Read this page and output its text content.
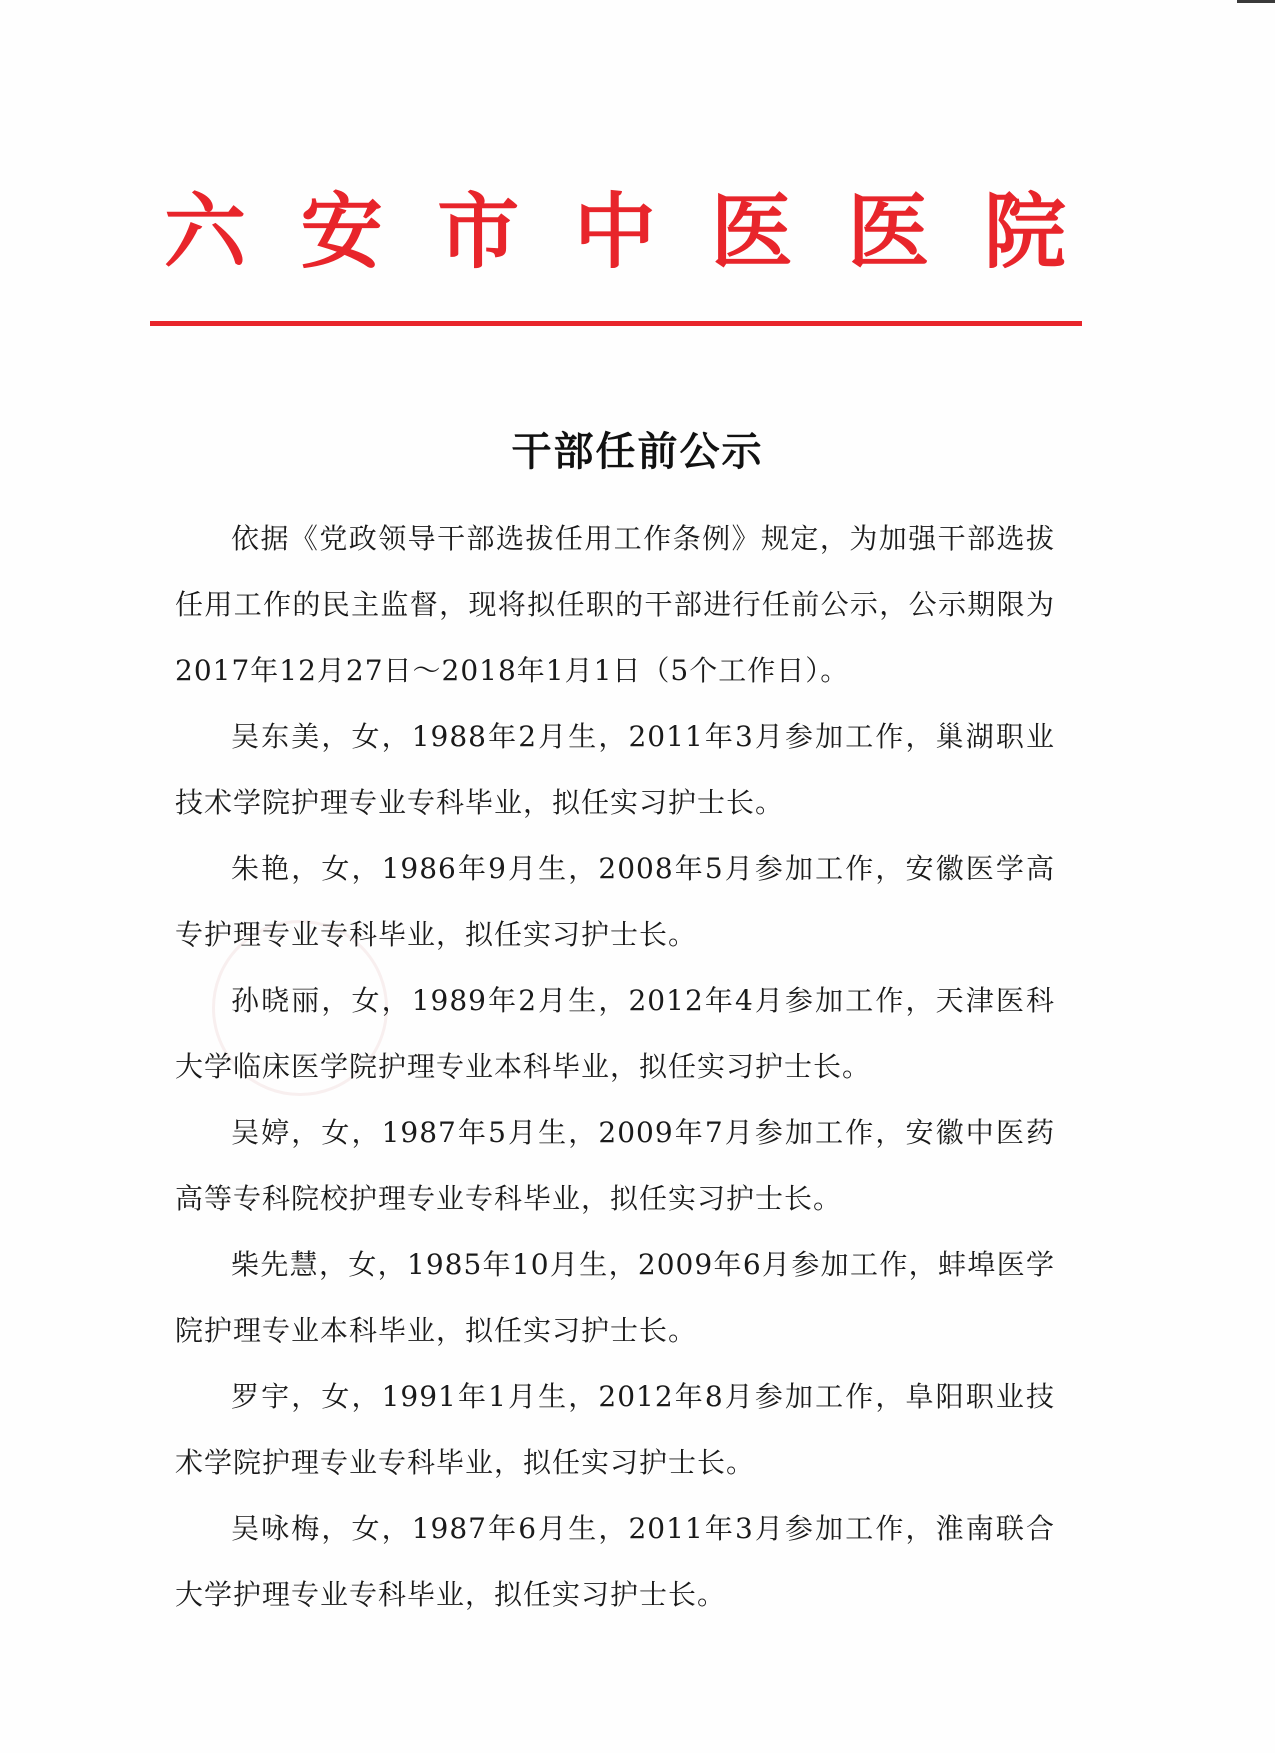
六 安 市 中 医 医 院
干部任前公示

依据《党政领导干部选拔任用工作条例》规定，为加强干部选拔任用工作的民主监督，现将拟任职的干部进行任前公示，公示期限为2017年12月27日～2018年1月1日（5个工作日）。

吴东美，女，1988年2月生，2011年3月参加工作，巢湖职业技术学院护理专业专科毕业，拟任实习护士长。

朱艳，女，1986年9月生，2008年5月参加工作，安徽医学高专护理专业专科毕业，拟任实习护士长。

孙晓丽，女，1989年2月生，2012年4月参加工作，天津医科大学临床医学院护理专业本科毕业，拟任实习护士长。

吴婷，女，1987年5月生，2009年7月参加工作，安徽中医药高等专科院校护理专业专科毕业，拟任实习护士长。

柴先慧，女，1985年10月生，2009年6月参加工作，蚌埠医学院护理专业本科毕业，拟任实习护士长。

罗宇，女，1991年1月生，2012年8月参加工作，阜阳职业技术学院护理专业专科毕业，拟任实习护士长。

吴咏梅，女，1987年6月生，2011年3月参加工作，淮南联合大学护理专业专科毕业，拟任实习护士长。
